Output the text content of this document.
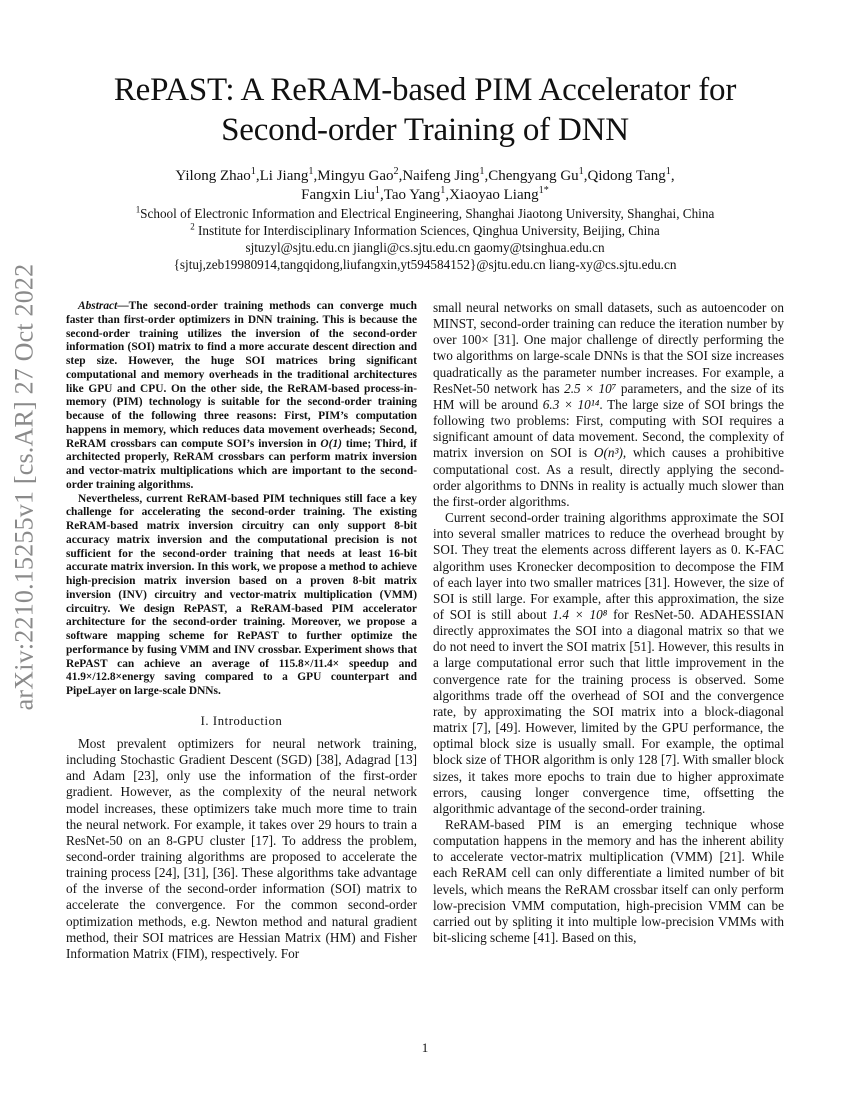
arXiv:2210.15255v1 [cs.AR] 27 Oct 2022
RePAST: A ReRAM-based PIM Accelerator for
Second-order Training of DNN
Yilong Zhao$^1$,Li Jiang$^1$,Mingyu Gao$^2$,Naifeng Jing$^1$,Chengyang Gu$^1$,Qidong Tang$^1$,
Fangxin Liu$^1$,Tao Yang$^1$,Xiaoyao Liang$^{1*}$
$^1$School of Electronic Information and Electrical Engineering, Shanghai Jiaotong University, Shanghai, China
$^2$ Institute for Interdisciplinary Information Sciences, Qinghua University, Beijing, China
sjtuzyl@sjtu.edu.cn jiangli@cs.sjtu.edu.cn gaomy@tsinghua.edu.cn
{sjtuj,zeb19980914,tangqidong,liufangxin,yt594584152}@sjtu.edu.cn liang-xy@cs.sjtu.edu.cn

Abstract—The second-order training methods can converge much faster than first-order optimizers in DNN training. This is because the second-order training utilizes the inversion of the second-order information (SOI) matrix to find a more accurate descent direction and step size. However, the huge SOI matrices bring significant computational and memory overheads in the traditional architectures like GPU and CPU. On the other side, the ReRAM-based process-in-memory (PIM) technology is suitable for the second-order training because of the following three reasons: First, PIM’s computation happens in memory, which reduces data movement overheads; Second, ReRAM crossbars can compute SOI’s inversion in O(1) time; Third, if architected properly, ReRAM crossbars can perform matrix inversion and vector-matrix multiplications which are important to the second-order training algorithms.

Nevertheless, current ReRAM-based PIM techniques still face a key challenge for accelerating the second-order training. The existing ReRAM-based matrix inversion circuitry can only support 8-bit accuracy matrix inversion and the computational precision is not sufficient for the second-order training that needs at least 16-bit accurate matrix inversion. In this work, we propose a method to achieve high-precision matrix inversion based on a proven 8-bit matrix inversion (INV) circuitry and vector-matrix multiplication (VMM) circuitry. We design RePAST, a ReRAM-based PIM accelerator architecture for the second-order training. Moreover, we propose a software mapping scheme for RePAST to further optimize the performance by fusing VMM and INV crossbar. Experiment shows that RePAST can achieve an average of 115.8×/11.4× speedup and 41.9×/12.8×energy saving compared to a GPU counterpart and PipeLayer on large-scale DNNs.

I. Introduction

Most prevalent optimizers for neural network training, including Stochastic Gradient Descent (SGD) [38], Adagrad [13] and Adam [23], only use the information of the first-order gradient. However, as the complexity of the neural network model increases, these optimizers take much more time to train the neural network. For example, it takes over 29 hours to train a ResNet-50 on an 8-GPU cluster [17]. To address the problem, second-order training algorithms are proposed to accelerate the training process [24], [31], [36]. These algorithms take advantage of the inverse of the second-order information (SOI) matrix to accelerate the convergence. For the common second-order optimization methods, e.g. Newton method and natural gradient method, their SOI matrices are Hessian Matrix (HM) and Fisher Information Matrix (FIM), respectively. For

small neural networks on small datasets, such as autoencoder on MINST, second-order training can reduce the iteration number by over 100× [31]. One major challenge of directly performing the two algorithms on large-scale DNNs is that the SOI size increases quadratically as the parameter number increases. For example, a ResNet-50 network has 2.5 × 10⁷ parameters, and the size of its HM will be around 6.3 × 10¹⁴. The large size of SOI brings the following two problems: First, computing with SOI requires a significant amount of data movement. Second, the complexity of matrix inversion on SOI is O(n³), which causes a prohibitive computational cost. As a result, directly applying the second-order algorithms to DNNs in reality is actually much slower than the first-order algorithms.

Current second-order training algorithms approximate the SOI into several smaller matrices to reduce the overhead brought by SOI. They treat the elements across different layers as 0. K-FAC algorithm uses Kronecker decomposition to decompose the FIM of each layer into two smaller matrices [31]. However, the size of SOI is still large. For example, after this approximation, the size of SOI is still about 1.4 × 10⁸ for ResNet-50. ADAHESSIAN directly approximates the SOI into a diagonal matrix so that we do not need to invert the SOI matrix [51]. However, this results in a large computational error such that little improvement in the convergence rate for the training process is observed. Some algorithms trade off the overhead of SOI and the convergence rate, by approximating the SOI matrix into a block-diagonal matrix [7], [49]. However, limited by the GPU performance, the optimal block size is usually small. For example, the optimal block size of THOR algorithm is only 128 [7]. With smaller block sizes, it takes more epochs to train due to higher approximate errors, causing longer convergence time, offsetting the algorithmic advantage of the second-order training.

ReRAM-based PIM is an emerging technique whose computation happens in the memory and has the inherent ability to accelerate vector-matrix multiplication (VMM) [21]. While each ReRAM cell can only differentiate a limited number of bit levels, which means the ReRAM crossbar itself can only perform low-precision VMM computation, high-precision VMM can be carried out by spliting it into multiple low-precision VMMs with bit-slicing scheme [41]. Based on this,

1
